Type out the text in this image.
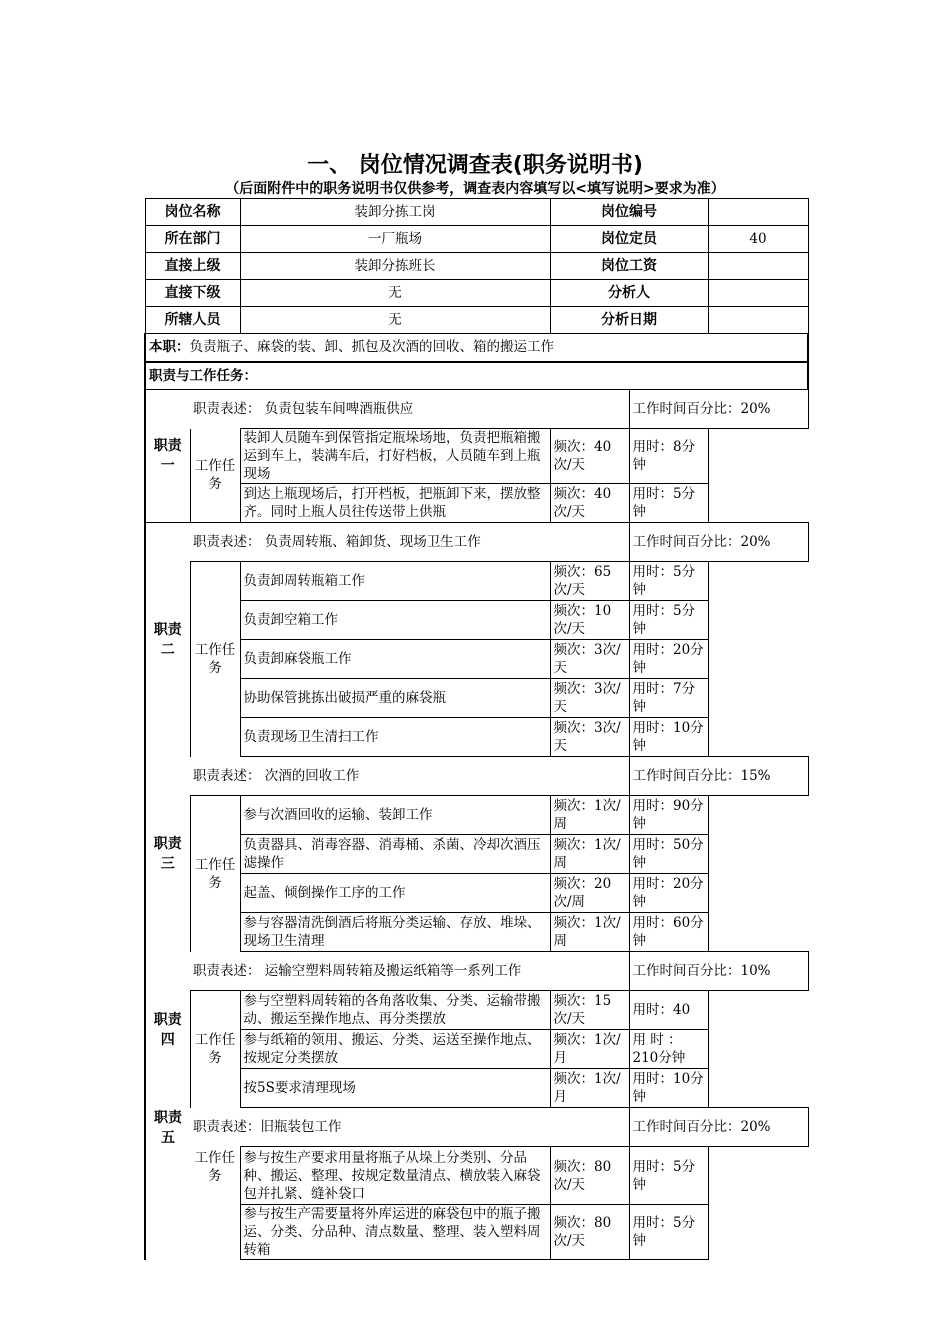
一、 岗位情况调查表(职务说明书)
（后面附件中的职务说明书仅供参考，调查表内容填写以<填写说明>要求为准）
岗位名称		装卸分拣工岗	岗位编号		
所在部门		一厂瓶场	岗位定员		40
直接上级		装卸分拣班长	岗位工资		
直接下级		无	分析人		
所辖人员		无	分析日期		
本职：负责瓶子、麻袋的装、卸、抓包及次酒的回收、箱的搬运工作					
职责与工作任务：					
职责一	职责表述： 负责包装车间啤酒瓶供应			工作时间百分比：20%	
	工作任务	装卸人员随车到保管指定瓶垛场地，负责把瓶箱搬运到车上，装满车后，打好档板，人员随车到上瓶现场	频次：40次/天	用时：8分钟	
		到达上瓶现场后，打开档板，把瓶卸下来，摆放整齐。同时上瓶人员往传送带上供瓶	频次：40次/天	用时：5分钟	
职责二	职责表述： 负责周转瓶、箱卸货、现场卫生工作			工作时间百分比：20%	
	工作任务	负责卸周转瓶箱工作	频次：65次/天	用时：5分钟	
		负责卸空箱工作	频次：10次/天	用时：5分钟	
		负责卸麻袋瓶工作	频次：3次/天	用时：20分钟	
		协助保管挑拣出破损严重的麻袋瓶	频次：3次/天	用时：7分钟	
		负责现场卫生清扫工作	频次：3次/天	用时：10分钟	
职责三	职责表述： 次酒的回收工作			工作时间百分比：15%	
	工作任务	参与次酒回收的运输、装卸工作	频次：1次/周	用时：90分钟	
		负责器具、消毒容器、消毒桶、杀菌、冷却次酒压滤操作	频次：1次/周	用时：50分钟	
		起盖、倾倒操作工序的工作	频次：20次/周	用时：20分钟	
		参与容器清洗倒酒后将瓶分类运输、存放、堆垛、现场卫生清理	频次：1次/周	用时：60分钟	
职责四	职责表述： 运输空塑料周转箱及搬运纸箱等一系列工作			工作时间百分比：10%	
	工作任务	参与空塑料周转箱的各角落收集、分类、运输带搬动、搬运至操作地点、再分类摆放	频次：15次/天	用时：40	
		参与纸箱的领用、搬运、分类、运送至操作地点、按规定分类摆放	频次：1次/月	用 时 ：210分钟	
		按5S要求清理现场	频次：1次/月	用时：10分钟	
职责五	职责表述：旧瓶装包工作			工作时间百分比：20%	
	工作任务	参与按生产要求用量将瓶子从垛上分类别、分品种、搬运、整理、按规定数量清点、横放装入麻袋包并扎紧、缝补袋口	频次：80次/天	用时：5分钟	
		参与按生产需要量将外库运进的麻袋包中的瓶子搬运、分类、分品种、清点数量、整理、装入塑料周转箱	频次：80次/天	用时：5分钟	
